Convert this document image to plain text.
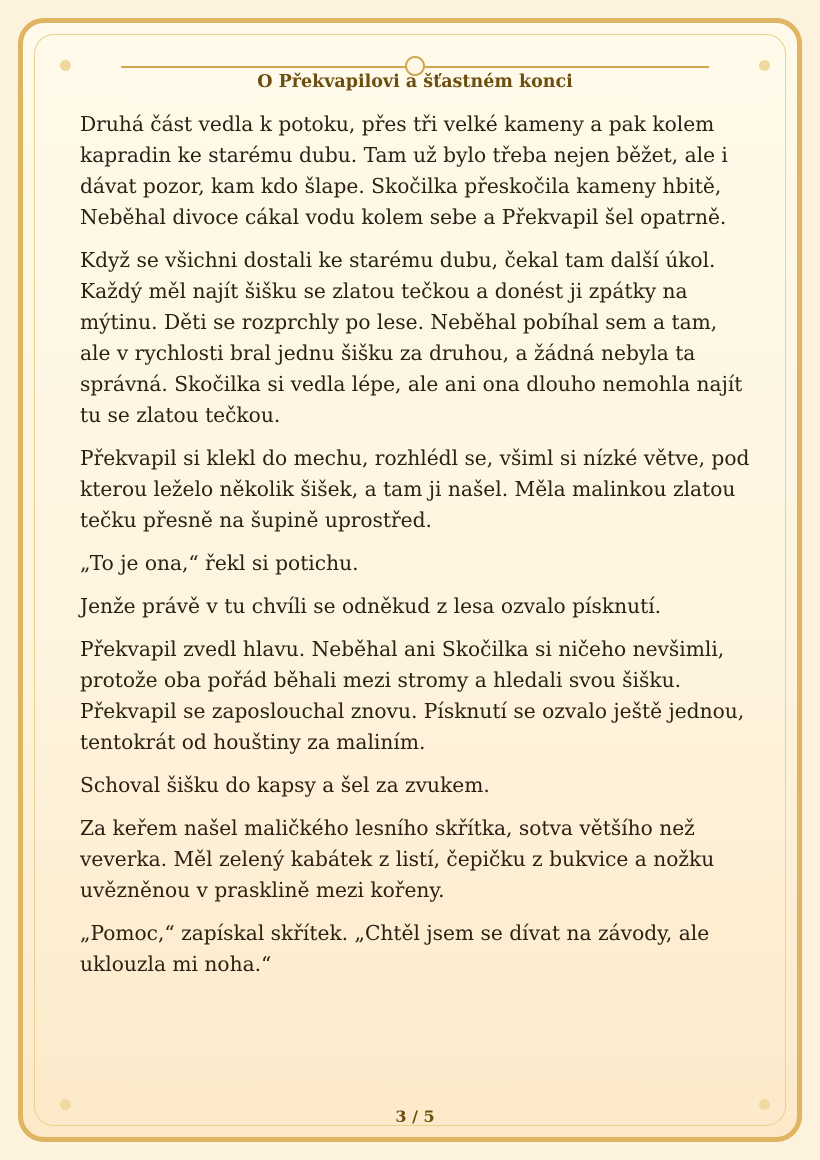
O Překvapilovi a šťastném konci

Druhá část vedla k potoku, přes tři velké kameny a pak kolem kapradin ke starému dubu. Tam už bylo třeba nejen běžet, ale i dávat pozor, kam kdo šlape. Skočilka přeskočila kameny hbitě, Neběhal divoce cákal vodu kolem sebe a Překvapil šel opatrně.

Když se všichni dostali ke starému dubu, čekal tam další úkol. Každý měl najít šišku se zlatou tečkou a donést ji zpátky na mýtinu. Děti se rozprchly po lese. Neběhal pobíhal sem a tam, ale v rychlosti bral jednu šišku za druhou, a žádná nebyla ta správná. Skočilka si vedla lépe, ale ani ona dlouho nemohla najít tu se zlatou tečkou.

Překvapil si klekl do mechu, rozhlédl se, všiml si nízké větve, pod kterou leželo několik šišek, a tam ji našel. Měla malinkou zlatou tečku přesně na šupině uprostřed.

„To je ona,“ řekl si potichu.

Jenže právě v tu chvíli se odněkud z lesa ozvalo písknutí.

Překvapil zvedl hlavu. Neběhal ani Skočilka si ničeho nevšimli, protože oba pořád běhali mezi stromy a hledali svou šišku. Překvapil se zaposlouchal znovu. Písknutí se ozvalo ještě jednou, tentokrát od houštiny za maliním.

Schoval šišku do kapsy a šel za zvukem.

Za keřem našel maličkého lesního skřítka, sotva většího než veverka. Měl zelený kabátek z listí, čepičku z bukvice a nožku uvězněnou v prasklině mezi kořeny.

„Pomoc,“ zapískal skřítek. „Chtěl jsem se dívat na závody, ale uklouzla mi noha.“

3 / 5
